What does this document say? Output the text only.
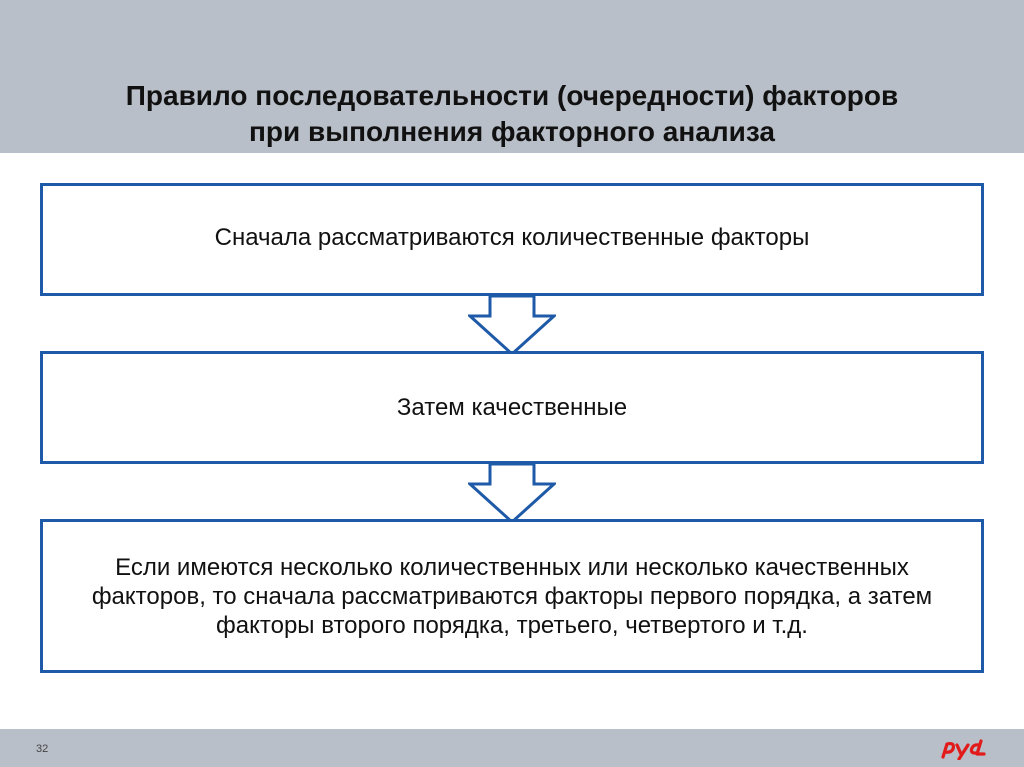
Правило последовательности (очередности) факторов
при выполнения факторного анализа
Сначала рассматриваются количественные факторы
Затем качественные
Если имеются несколько количественных или несколько качественных факторов, то сначала рассматриваются факторы первого порядка, а затем факторы второго порядка, третьего, четвертого и т.д.
32
